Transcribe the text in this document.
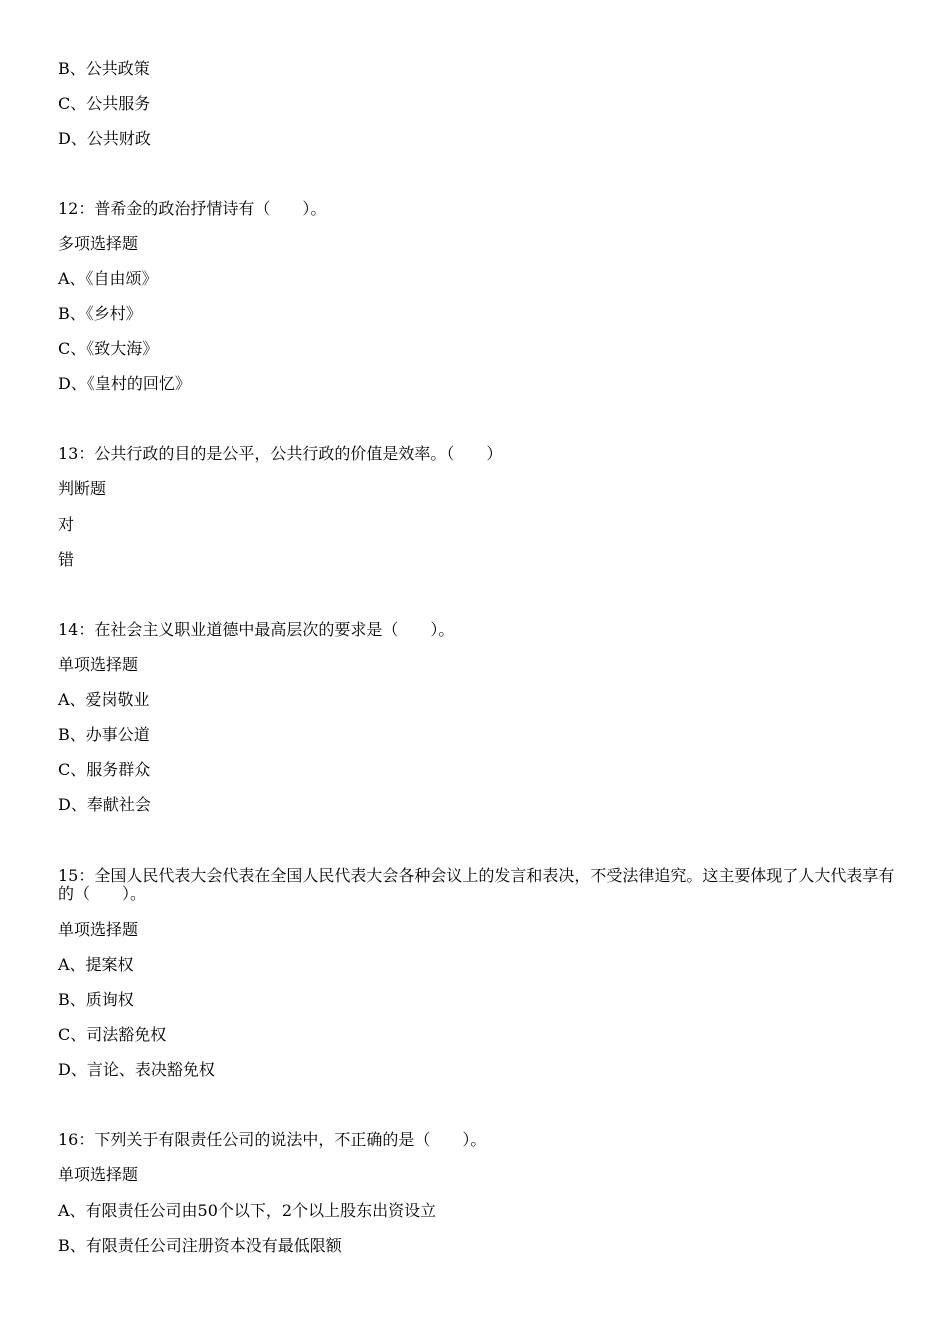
B、公共政策
C、公共服务
D、公共财政
12：普希金的政治抒情诗有（　　）。
多项选择题
A、《自由颂》
B、《乡村》
C、《致大海》
D、《皇村的回忆》
13：公共行政的目的是公平，公共行政的价值是效率。（　　）
判断题
对
错
14：在社会主义职业道德中最高层次的要求是（　　）。
单项选择题
A、爱岗敬业
B、办事公道
C、服务群众
D、奉献社会
15：全国人民代表大会代表在全国人民代表大会各种会议上的发言和表决，不受法律追究。这主要体现了人大代表享有的（　　）。
单项选择题
A、提案权
B、质询权
C、司法豁免权
D、言论、表决豁免权
16：下列关于有限责任公司的说法中，不正确的是（　　）。
单项选择题
A、有限责任公司由50个以下，2个以上股东出资设立
B、有限责任公司注册资本没有最低限额
